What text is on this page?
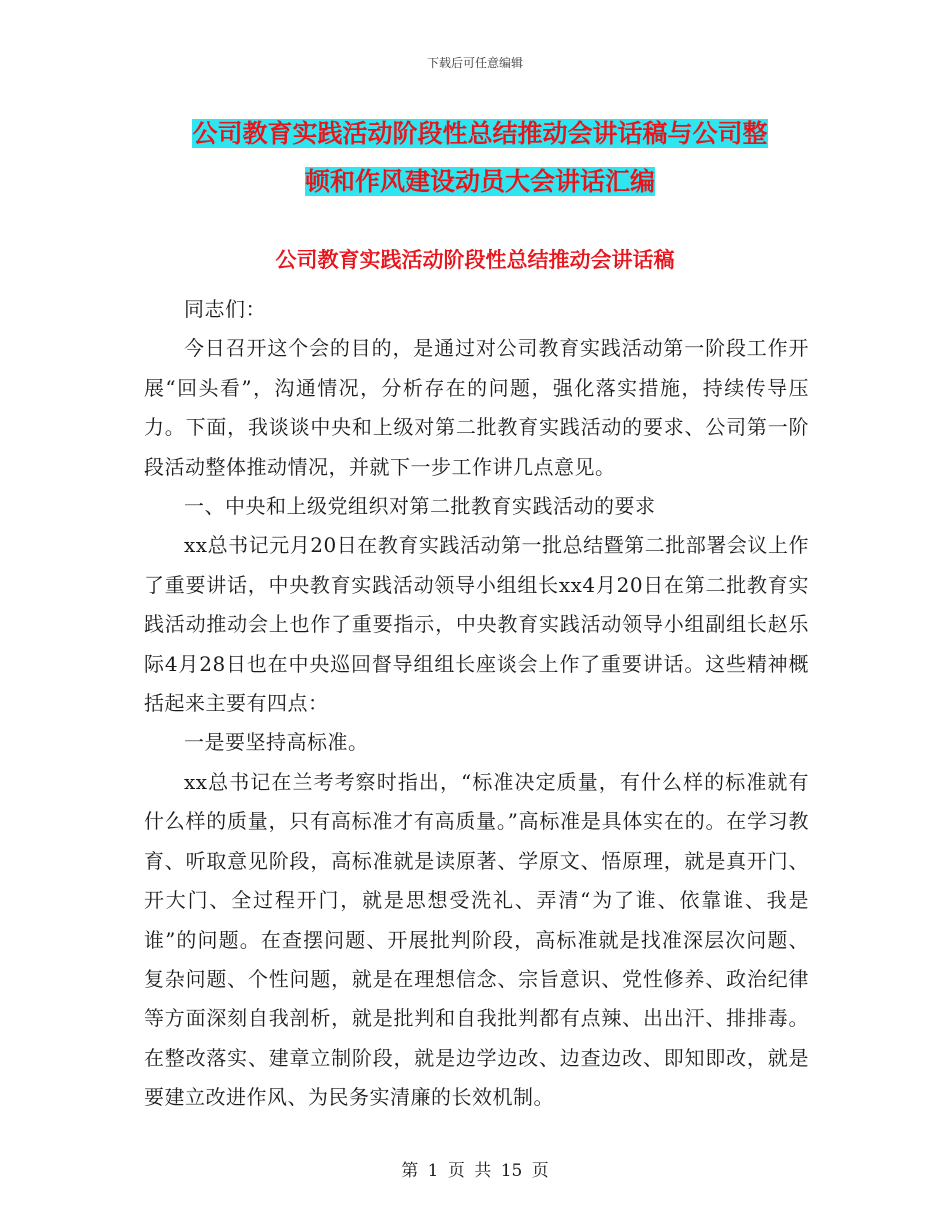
下载后可任意编辑
公司教育实践活动阶段性总结推动会讲话稿与公司整
顿和作风建设动员大会讲话汇编
公司教育实践活动阶段性总结推动会讲话稿

同志们：

今日召开这个会的目的，是通过对公司教育实践活动第一阶段工作开展“回头看”，沟通情况，分析存在的问题，强化落实措施，持续传导压力。下面，我谈谈中央和上级对第二批教育实践活动的要求、公司第一阶段活动整体推动情况，并就下一步工作讲几点意见。

一、中央和上级党组织对第二批教育实践活动的要求

xx总书记元月20日在教育实践活动第一批总结暨第二批部署会议上作了重要讲话，中央教育实践活动领导小组组长xx4月20日在第二批教育实践活动推动会上也作了重要指示，中央教育实践活动领导小组副组长赵乐际4月28日也在中央巡回督导组组长座谈会上作了重要讲话。这些精神概括起来主要有四点：

一是要坚持高标准。

xx总书记在兰考考察时指出，“标准决定质量，有什么样的标准就有什么样的质量，只有高标准才有高质量。”高标准是具体实在的。在学习教育、听取意见阶段，高标准就是读原著、学原文、悟原理，就是真开门、开大门、全过程开门，就是思想受洗礼、弄清“为了谁、依靠谁、我是谁”的问题。在查摆问题、开展批判阶段，高标准就是找准深层次问题、复杂问题、个性问题，就是在理想信念、宗旨意识、党性修养、政治纪律等方面深刻自我剖析，就是批判和自我批判都有点辣、出出汗、排排毒。在整改落实、建章立制阶段，就是边学边改、边查边改、即知即改，就是要建立改进作风、为民务实清廉的长效机制。

第 1 页 共 15 页
